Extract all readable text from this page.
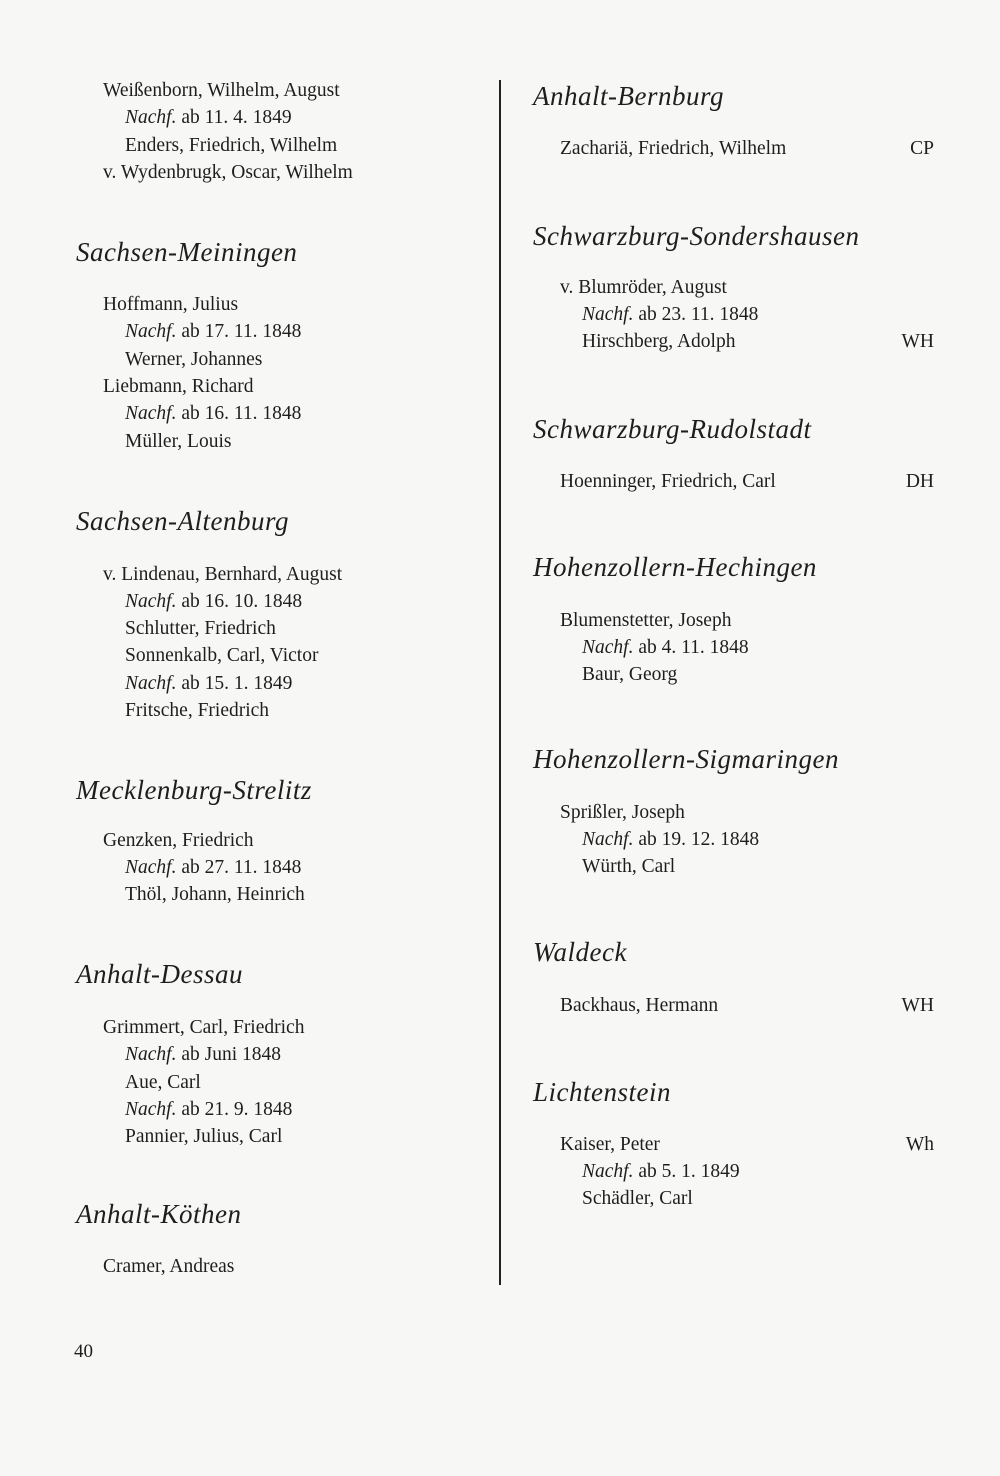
Weißenborn, Wilhelm, August
Nachf. ab 11. 4. 1849
Enders, Friedrich, Wilhelm
v. Wydenbrugk, Oscar, Wilhelm
Sachsen-Meiningen
Hoffmann, Julius
Nachf. ab 17. 11. 1848
Werner, Johannes
Liebmann, Richard
Nachf. ab 16. 11. 1848
Müller, Louis
Sachsen-Altenburg
v. Lindenau, Bernhard, August
Nachf. ab 16. 10. 1848
Schlutter, Friedrich
Sonnenkalb, Carl, Victor
Nachf. ab 15. 1. 1849
Fritsche, Friedrich
Mecklenburg-Strelitz
Genzken, Friedrich
Nachf. ab 27. 11. 1848
Thöl, Johann, Heinrich
Anhalt-Dessau
Grimmert, Carl, Friedrich
Nachf. ab Juni 1848
Aue, Carl
Nachf. ab 21. 9. 1848
Pannier, Julius, Carl
Anhalt-Köthen
Cramer, Andreas
Anhalt-Bernburg
Zachariä, Friedrich, Wilhelm	CP
Schwarzburg-Sondershausen
v. Blumröder, August
Nachf. ab 23. 11. 1848
Hirschberg, Adolph	WH
Schwarzburg-Rudolstadt
Hoenninger, Friedrich, Carl	DH
Hohenzollern-Hechingen
Blumenstetter, Joseph
Nachf. ab 4. 11. 1848
Baur, Georg
Hohenzollern-Sigmaringen
Sprißler, Joseph
Nachf. ab 19. 12. 1848
Würth, Carl
Waldeck
Backhaus, Hermann	WH
Lichtenstein
Kaiser, Peter	Wh
Nachf. ab 5. 1. 1849
Schädler, Carl
40
